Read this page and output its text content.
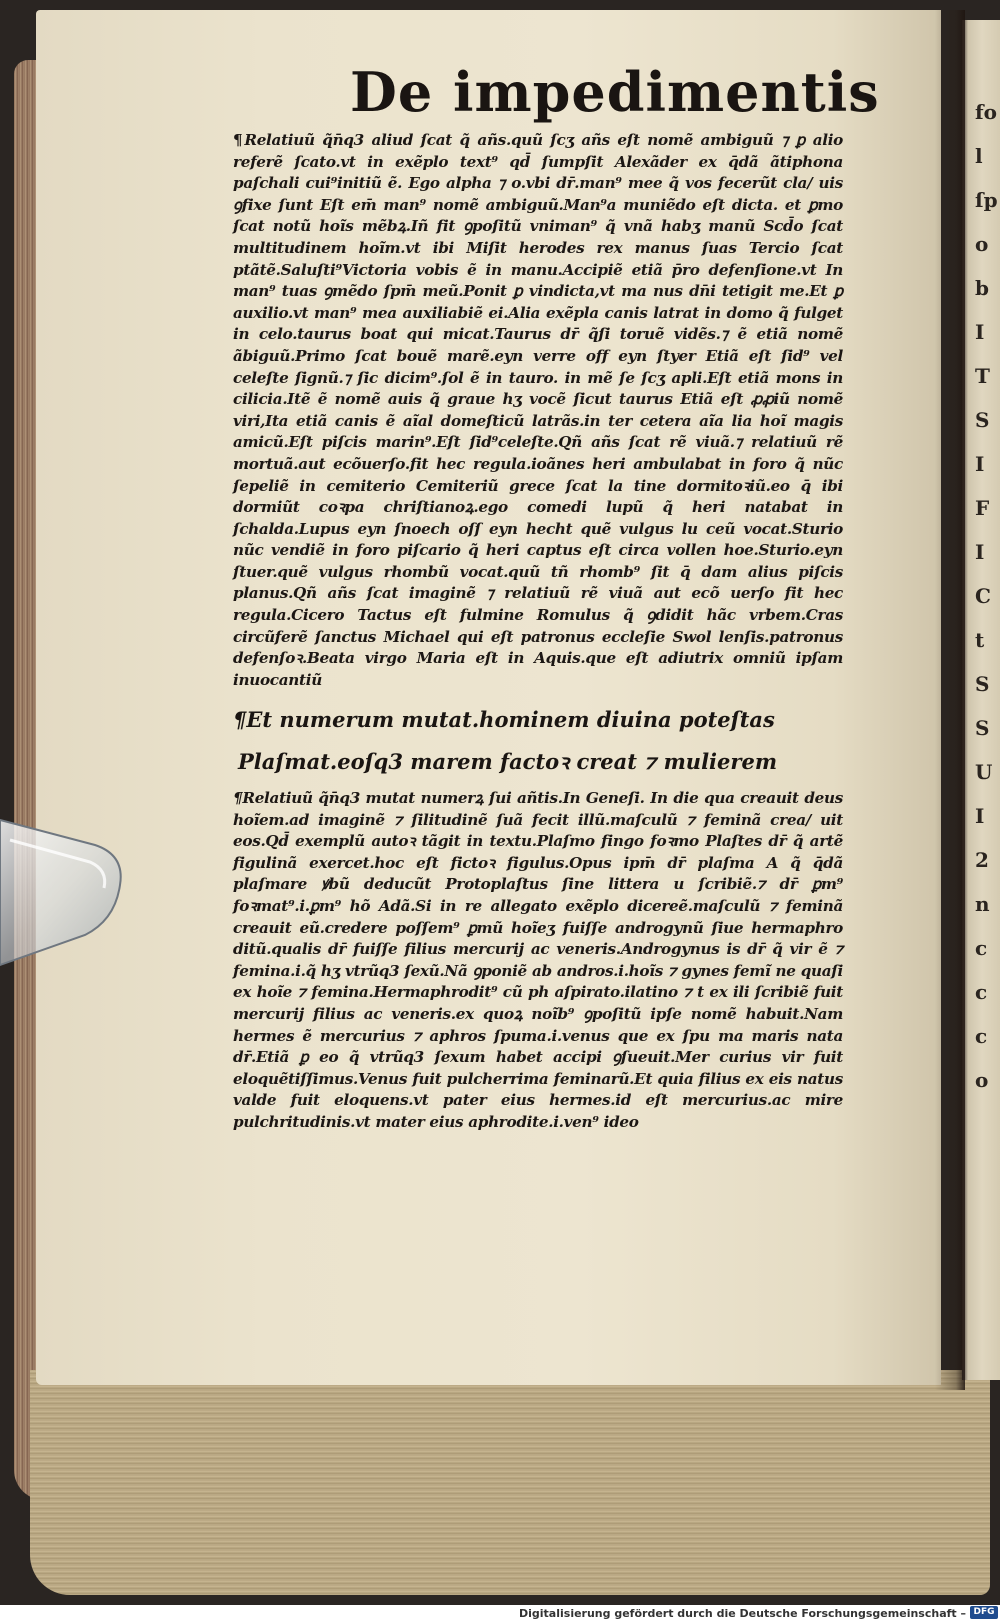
fo l ſp o b I T S I F I C t S S U I 2 n c c c o
De impedimentis
¶ Relatiuũ q̃n̄q3 aliud ſcat q̃ añs.quũ ſcʒ añs eſt nomẽ ambiguũ ⁊ ꝑ alio referẽ ſcato.vt in exẽplo text⁹ qd̄ ſumpſit Alexãder ex q̄dã ãtiphona paſchali cui⁹initiũ ẽ. Ego alpha ⁊ o.vbi dr̄.man⁹ mee q̃ vos fecerũt cla/ uis ꝯfixe ſunt Eſt em̄ man⁹ nomẽ ambiguũ.Man⁹a muniẽdo eſt dicta. et ꝑmo ſcat notũ hoĩs mẽbꝝ.Iñ fit ꝯpoſitũ vniman⁹ q̃ vnã habʒ manũ Scd̄o ſcat multitudinem hoĩm.vt ibi Miſit herodes rex manus ſuas Tercio ſcat ptãtẽ.Saluſti⁹Victoria vobis ẽ in manu.Accipiẽ etiã p̄ro defenſione.vt In man⁹ tuas ꝯmẽdo ſpm̄ meũ.Ponit ꝑ vindicta,vt ma nus dn̄i tetigit me.Et ꝑ auxilio.vt man⁹ mea auxiliabiẽ ei.Alia exẽpla canis latrat in domo q̃ fulget in celo.taurus boat qui micat.Taurus dr̄ q̃ſi toruẽ vidẽs.⁊ ẽ etiã nomẽ ãbiguũ.Primo ſcat bouẽ marẽ.eyn verre off eyn ſtyer Etiã eſt ſid⁹ vel celeſte ſignũ.⁊ ſic dicim⁹.ſol ẽ in tauro. in mẽ ſe ſcʒ apli.Eſt etiã mons in cilicia.Itẽ ẽ nomẽ auis q̃ graue hʒ vocẽ ſicut taurus Etiã eſt ꝓꝓiũ nomẽ viri,Ita etiã canis ẽ aĩal domeſticũ latrãs.in ter cetera aĩa lia hoĩ magis amicũ.Eſt piſcis marin⁹.Eſt ſid⁹celeſte.Qñ añs ſcat rẽ viuã.⁊ relatiuũ rẽ mortuã.aut ecõuerſo.fit hec regula.ioãnes heri ambulabat in foro q̃ nũc ſepeliẽ in cemiterio Cemiteriũ grece ſcat la tine dormitoꝛiũ.eo q̄ ibi dormiũt coꝛpa chriſtianoꝝ.ego comedi lupũ q̃ heri natabat in ſchalda.Lupus eyn ſnoech oſſ eyn hecht quẽ vulgus lu ceũ vocat.Sturio nũc vendiẽ in foro piſcario q̃ heri captus eſt circa vollen hoe.Sturio.eyn ſtuer.quẽ vulgus rhombũ vocat.quũ tñ rhomb⁹ ſit q̄ dam alius piſcis planus.Qñ añs ſcat imaginẽ ⁊ relatiuũ rẽ viuã aut ecõ uerſo fit hec regula.Cicero Tactus eſt fulmine Romulus q̃ ꝯdidit hãc vrbem.Cras circũferẽ ſanctus Michael qui eſt patronus eccleſie Swol lenſis.patronus defenſoꝛ.Beata virgo Maria eſt in Aquis.que eſt adiutrix omniũ ipſam inuocantiũ
¶Et numerum mutat.hominem diuina poteſtas
Plaſmat.eoſq3 marem factoꝛ creat ⁊ mulierem
¶Relatiuũ q̃n̄q3 mutat numerꝝ ſui añtis.In Geneſi. In die qua creauit deus hoĩem.ad imaginẽ ⁊ ſilitudinẽ ſuã fecit illũ.maſculũ ⁊ feminã crea/ uit eos.Qd̄ exemplũ autoꝛ tãgit in textu.Plaſmo fingo foꝛmo Plaſtes dr̄ q̃ artẽ figulinã exercet.hoc eſt fictoꝛ figulus.Opus ipm̄ dr̄ plaſma A q̃ q̄dã plaſmare ꝟbũ deducũt Protoplaſtus ſine littera u ſcribiẽ.⁊ dr̄ ꝑm⁹ foꝛmat⁹.i.ꝑm⁹ hõ Adã.Si in re allegato exẽplo dicereẽ.maſculũ ⁊ feminã creauit eũ.credere poſſem⁹ ꝑmũ hoĩeʒ fuiſſe androgynũ ſiue hermaphro ditũ.qualis dr̄ fuiſſe filius mercurij ac veneris.Androgynus is dr̄ q̃ vir ẽ ⁊ femina.i.q̃ hʒ vtrũq3 ſexũ.Nã ꝯponiẽ ab andros.i.hoĩs ⁊ gynes femĩ ne quaſi ex hoĩe ⁊ femina.Hermaphrodit⁹ cũ ph aſpirato.ilatino ⁊ t ex ili ſcribiẽ fuit mercurij filius ac veneris.ex quoꝝ noĩb⁹ ꝯpoſitũ ipſe nomẽ habuit.Nam hermes ẽ mercurius ⁊ aphros ſpuma.i.venus que ex ſpu ma maris nata dr̄.Etiã ꝑ eo q̃ vtrũq3 ſexum habet accipi ꝯſueuit.Mer curius vir fuit eloquẽtiſſimus.Venus fuit pulcherrima feminarũ.Et quia filius ex eis natus valde fuit eloquens.vt pater eius hermes.id eſt mercurius.ac mire pulchritudinis.vt mater eius aphrodite.i.ven⁹ ideo
Digitalisierung gefördert durch die Deutsche Forschungsgemeinschaft – DFG
